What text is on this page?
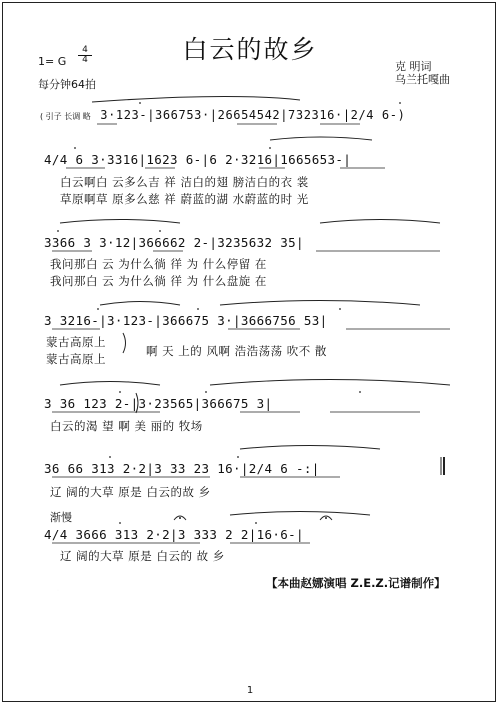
白云的故乡
1= G
4
4
每分钟64拍
克 明词
乌兰托嘎曲
( 引子 长调 略 3·123-|366753·|26654542|732316·|2/4 6-)
4/4 6 3·3316|1623 6-|6 2·3216|1665653-|
白云啊白 云多么吉 祥 洁白的翅 膀洁白的衣 裳
草原啊草 原多么慈 祥 蔚蓝的湖 水蔚蓝的时 光
3366 3 3·12|366662 2-|3235632 35|
我问那白 云 为什么徜 徉 为 什么停留 在
我问那白 云 为什么徜 徉 为 什么盘旋 在
3 3216-|3·123-|366675 3·|3666756 53|
蒙古高原上
蒙古高原上
啊 天 上的 风啊 浩浩荡荡 吹不 散
3 36 123 2-|3·23565|366675 3|
白云的渴 望 啊 美 丽的 牧场
36 66 313 2·2|3 33 23 16·|2/4 6 -:|
辽 阔的大草 原是 白云的故 乡
渐慢
4/4 3666 313 2·2|3 333 2 2|16·6-|
辽 阔的大草 原是 白云的 故 乡
【本曲赵娜演唱 Z.E.Z.记谱制作】
1
